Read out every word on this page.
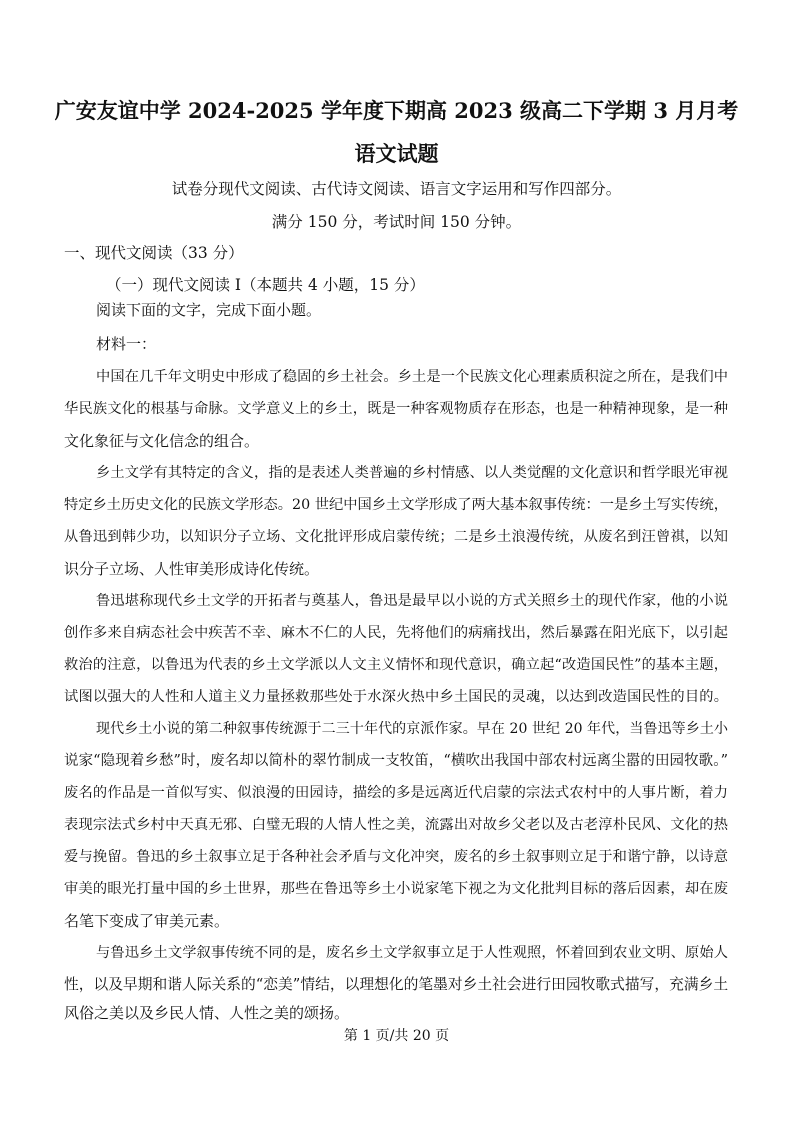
广安友谊中学 2024-2025 学年度下期高 2023 级高二下学期 3 月月考
语文试题
试卷分现代文阅读、古代诗文阅读、语言文字运用和写作四部分。
满分 150 分，考试时间 150 分钟。
一、现代文阅读（33 分）
（一）现代文阅读 I（本题共 4 小题，15 分）
阅读下面的文字，完成下面小题。
材料一：
中国在几千年文明史中形成了稳固的乡土社会。乡土是一个民族文化心理素质积淀之所在，是我们中
华民族文化的根基与命脉。文学意义上的乡土，既是一种客观物质存在形态，也是一种精神现象，是一种
文化象征与文化信念的组合。
乡土文学有其特定的含义，指的是表述人类普遍的乡村情感、以人类觉醒的文化意识和哲学眼光审视
特定乡土历史文化的民族文学形态。20 世纪中国乡土文学形成了两大基本叙事传统：一是乡土写实传统，
从鲁迅到韩少功，以知识分子立场、文化批评形成启蒙传统；二是乡土浪漫传统，从废名到汪曾祺，以知
识分子立场、人性审美形成诗化传统。
鲁迅堪称现代乡土文学的开拓者与奠基人，鲁迅是最早以小说的方式关照乡土的现代作家，他的小说
创作多来自病态社会中疾苦不幸、麻木不仁的人民，先将他们的病痛找出，然后暴露在阳光底下，以引起
救治的注意，以鲁迅为代表的乡土文学派以人文主义情怀和现代意识，确立起“改造国民性”的基本主题，
试图以强大的人性和人道主义力量拯救那些处于水深火热中乡土国民的灵魂，以达到改造国民性的目的。
现代乡土小说的第二种叙事传统源于二三十年代的京派作家。早在 20 世纪 20 年代，当鲁迅等乡土小
说家“隐现着乡愁”时，废名却以简朴的翠竹制成一支牧笛，“横吹出我国中部农村远离尘嚣的田园牧歌。”
废名的作品是一首似写实、似浪漫的田园诗，描绘的多是远离近代启蒙的宗法式农村中的人事片断，着力
表现宗法式乡村中天真无邪、白璧无瑕的人情人性之美，流露出对故乡父老以及古老淳朴民风、文化的热
爱与挽留。鲁迅的乡土叙事立足于各种社会矛盾与文化冲突，废名的乡土叙事则立足于和谐宁静，以诗意
审美的眼光打量中国的乡土世界，那些在鲁迅等乡土小说家笔下视之为文化批判目标的落后因素，却在废
名笔下变成了审美元素。
与鲁迅乡土文学叙事传统不同的是，废名乡土文学叙事立足于人性观照，怀着回到农业文明、原始人
性，以及早期和谐人际关系的“恋美”情结，以理想化的笔墨对乡土社会进行田园牧歌式描写，充满乡土
风俗之美以及乡民人情、人性之美的颂扬。
第 1 页/共 20 页
